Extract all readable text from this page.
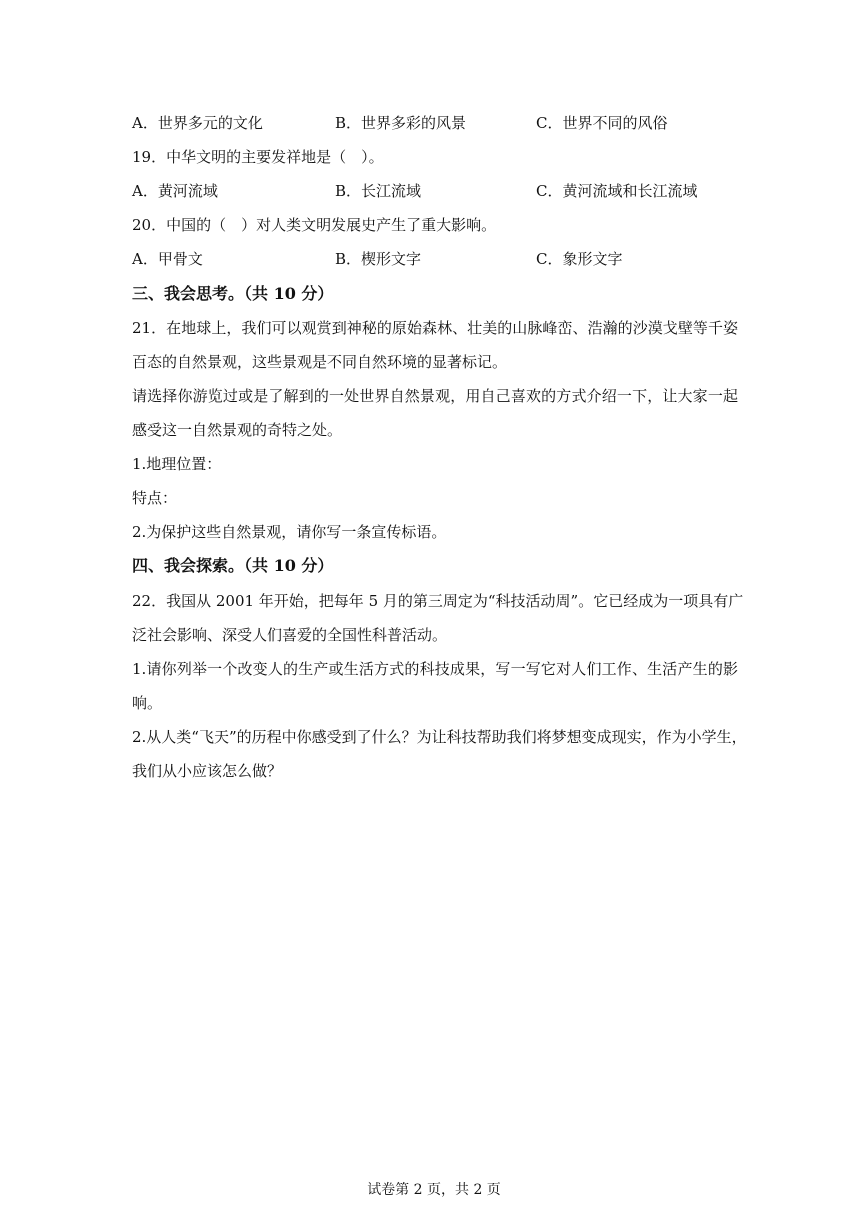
A．世界多元的文化	B．世界多彩的风景	C．世界不同的风俗
19．中华文明的主要发祥地是（　）。
A．黄河流域	B．长江流域	C．黄河流域和长江流域
20．中国的（　）对人类文明发展史产生了重大影响。
A．甲骨文	B．楔形文字	C．象形文字
三、我会思考。（共 10 分）
21．在地球上，我们可以观赏到神秘的原始森林、壮美的山脉峰峦、浩瀚的沙漠戈壁等千姿
百态的自然景观，这些景观是不同自然环境的显著标记。
请选择你游览过或是了解到的一处世界自然景观，用自己喜欢的方式介绍一下，让大家一起
感受这一自然景观的奇特之处。
1.地理位置：
特点：
2.为保护这些自然景观，请你写一条宣传标语。
四、我会探索。（共 10 分）
22．我国从 2001 年开始，把每年 5 月的第三周定为“科技活动周”。它已经成为一项具有广
泛社会影响、深受人们喜爱的全国性科普活动。
1.请你列举一个改变人的生产或生活方式的科技成果，写一写它对人们工作、生活产生的影
响。
2.从人类“飞天”的历程中你感受到了什么？为让科技帮助我们将梦想变成现实，作为小学生，
我们从小应该怎么做？
试卷第 2 页，共 2 页
